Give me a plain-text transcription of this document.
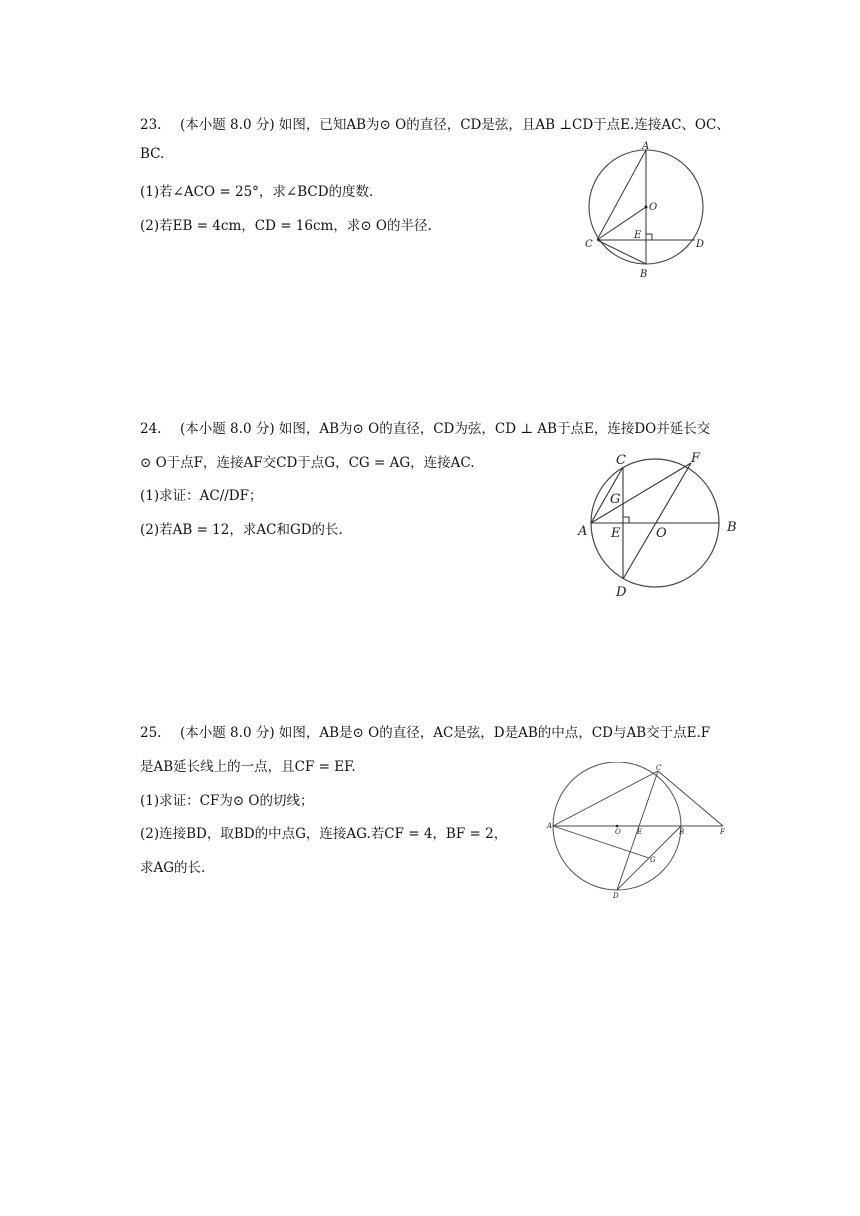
23. (本小题 8.0 分) 如图，已知AB为⊙ O的直径，CD是弦，且AB ⊥CD于点E.连接AC、OC、
BC.
(1)若∠ACO = 25°，求∠BCD的度数.
(2)若EB = 4cm，CD = 16cm，求⊙ O的半径.
A
O
E
C	D
B
24. (本小题 8.0 分) 如图，AB为⊙ O的直径，CD为弦，CD ⊥ AB于点E，连接DO并延长交
⊙ O于点F，连接AF交CD于点G，CG = AG，连接AC.
(1)求证：AC//DF；
(2)若AB = 12，求AC和GD的长.
C	F
G
A E	O	B
D
25. (本小题 8.0 分) 如图，AB是⊙ O的直径，AC是弦，D是AB的中点，CD与AB交于点E.F
是AB延长线上的一点，且CF = EF.
(1)求证：CF为⊙ O的切线；
(2)连接BD，取BD的中点G，连接AG.若CF = 4，BF = 2，
求AG的长.
C
A
O E	B	F
G
D
